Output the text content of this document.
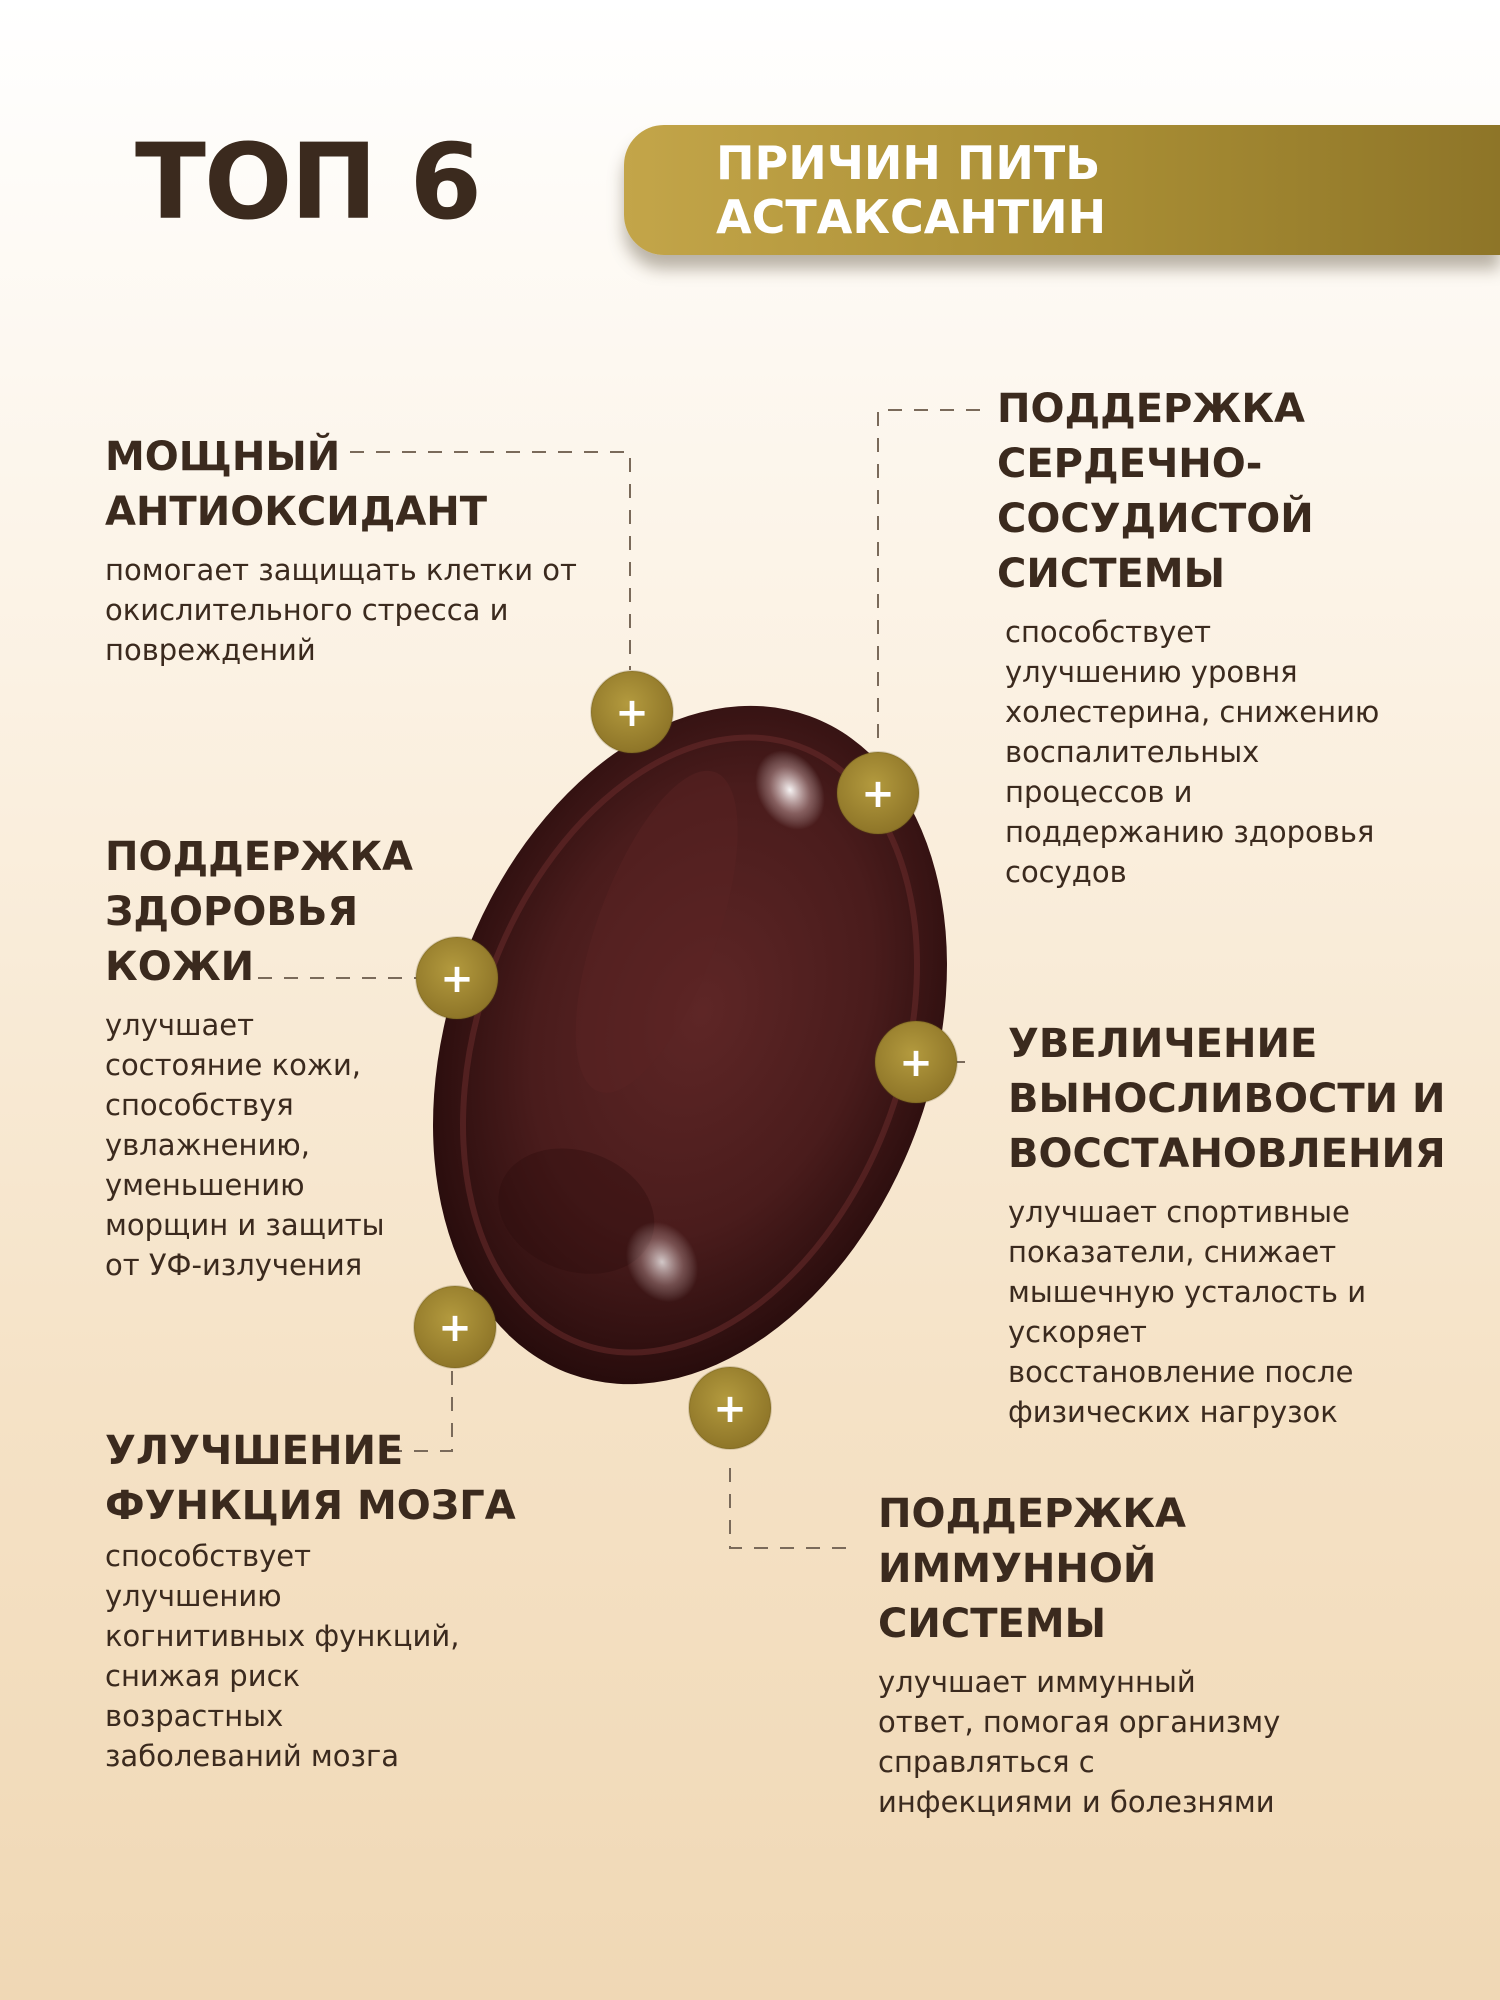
ТОП 6	ПРИЧИН ПИТЬ АСТАКСАНТИН
+
+
+
+
+
+
МОЩНЫЙ
АНТИОКСИДАНТ
помогает защищать клетки от
окислительного стресса и
повреждений
ПОДДЕРЖКА
ЗДОРОВЬЯ
КОЖИ
улучшает
состояние кожи,
способствуя
увлажнению,
уменьшению
морщин и защиты
от УФ-излучения
УЛУЧШЕНИЕ
ФУНКЦИЯ МОЗГА
способствует
улучшению
когнитивных функций,
снижая риск
возрастных
заболеваний мозга
ПОДДЕРЖКА
СЕРДЕЧНО-
СОСУДИСТОЙ
СИСТЕМЫ
способствует
улучшению уровня
холестерина, снижению
воспалительных
процессов и
поддержанию здоровья
сосудов
УВЕЛИЧЕНИЕ
ВЫНОСЛИВОСТИ И
ВОССТАНОВЛЕНИЯ
улучшает спортивные
показатели, снижает
мышечную усталость и
ускоряет
восстановление после
физических нагрузок
ПОДДЕРЖКА
ИММУННОЙ
СИСТЕМЫ
улучшает иммунный
ответ, помогая организму
справляться с
инфекциями и болезнями
